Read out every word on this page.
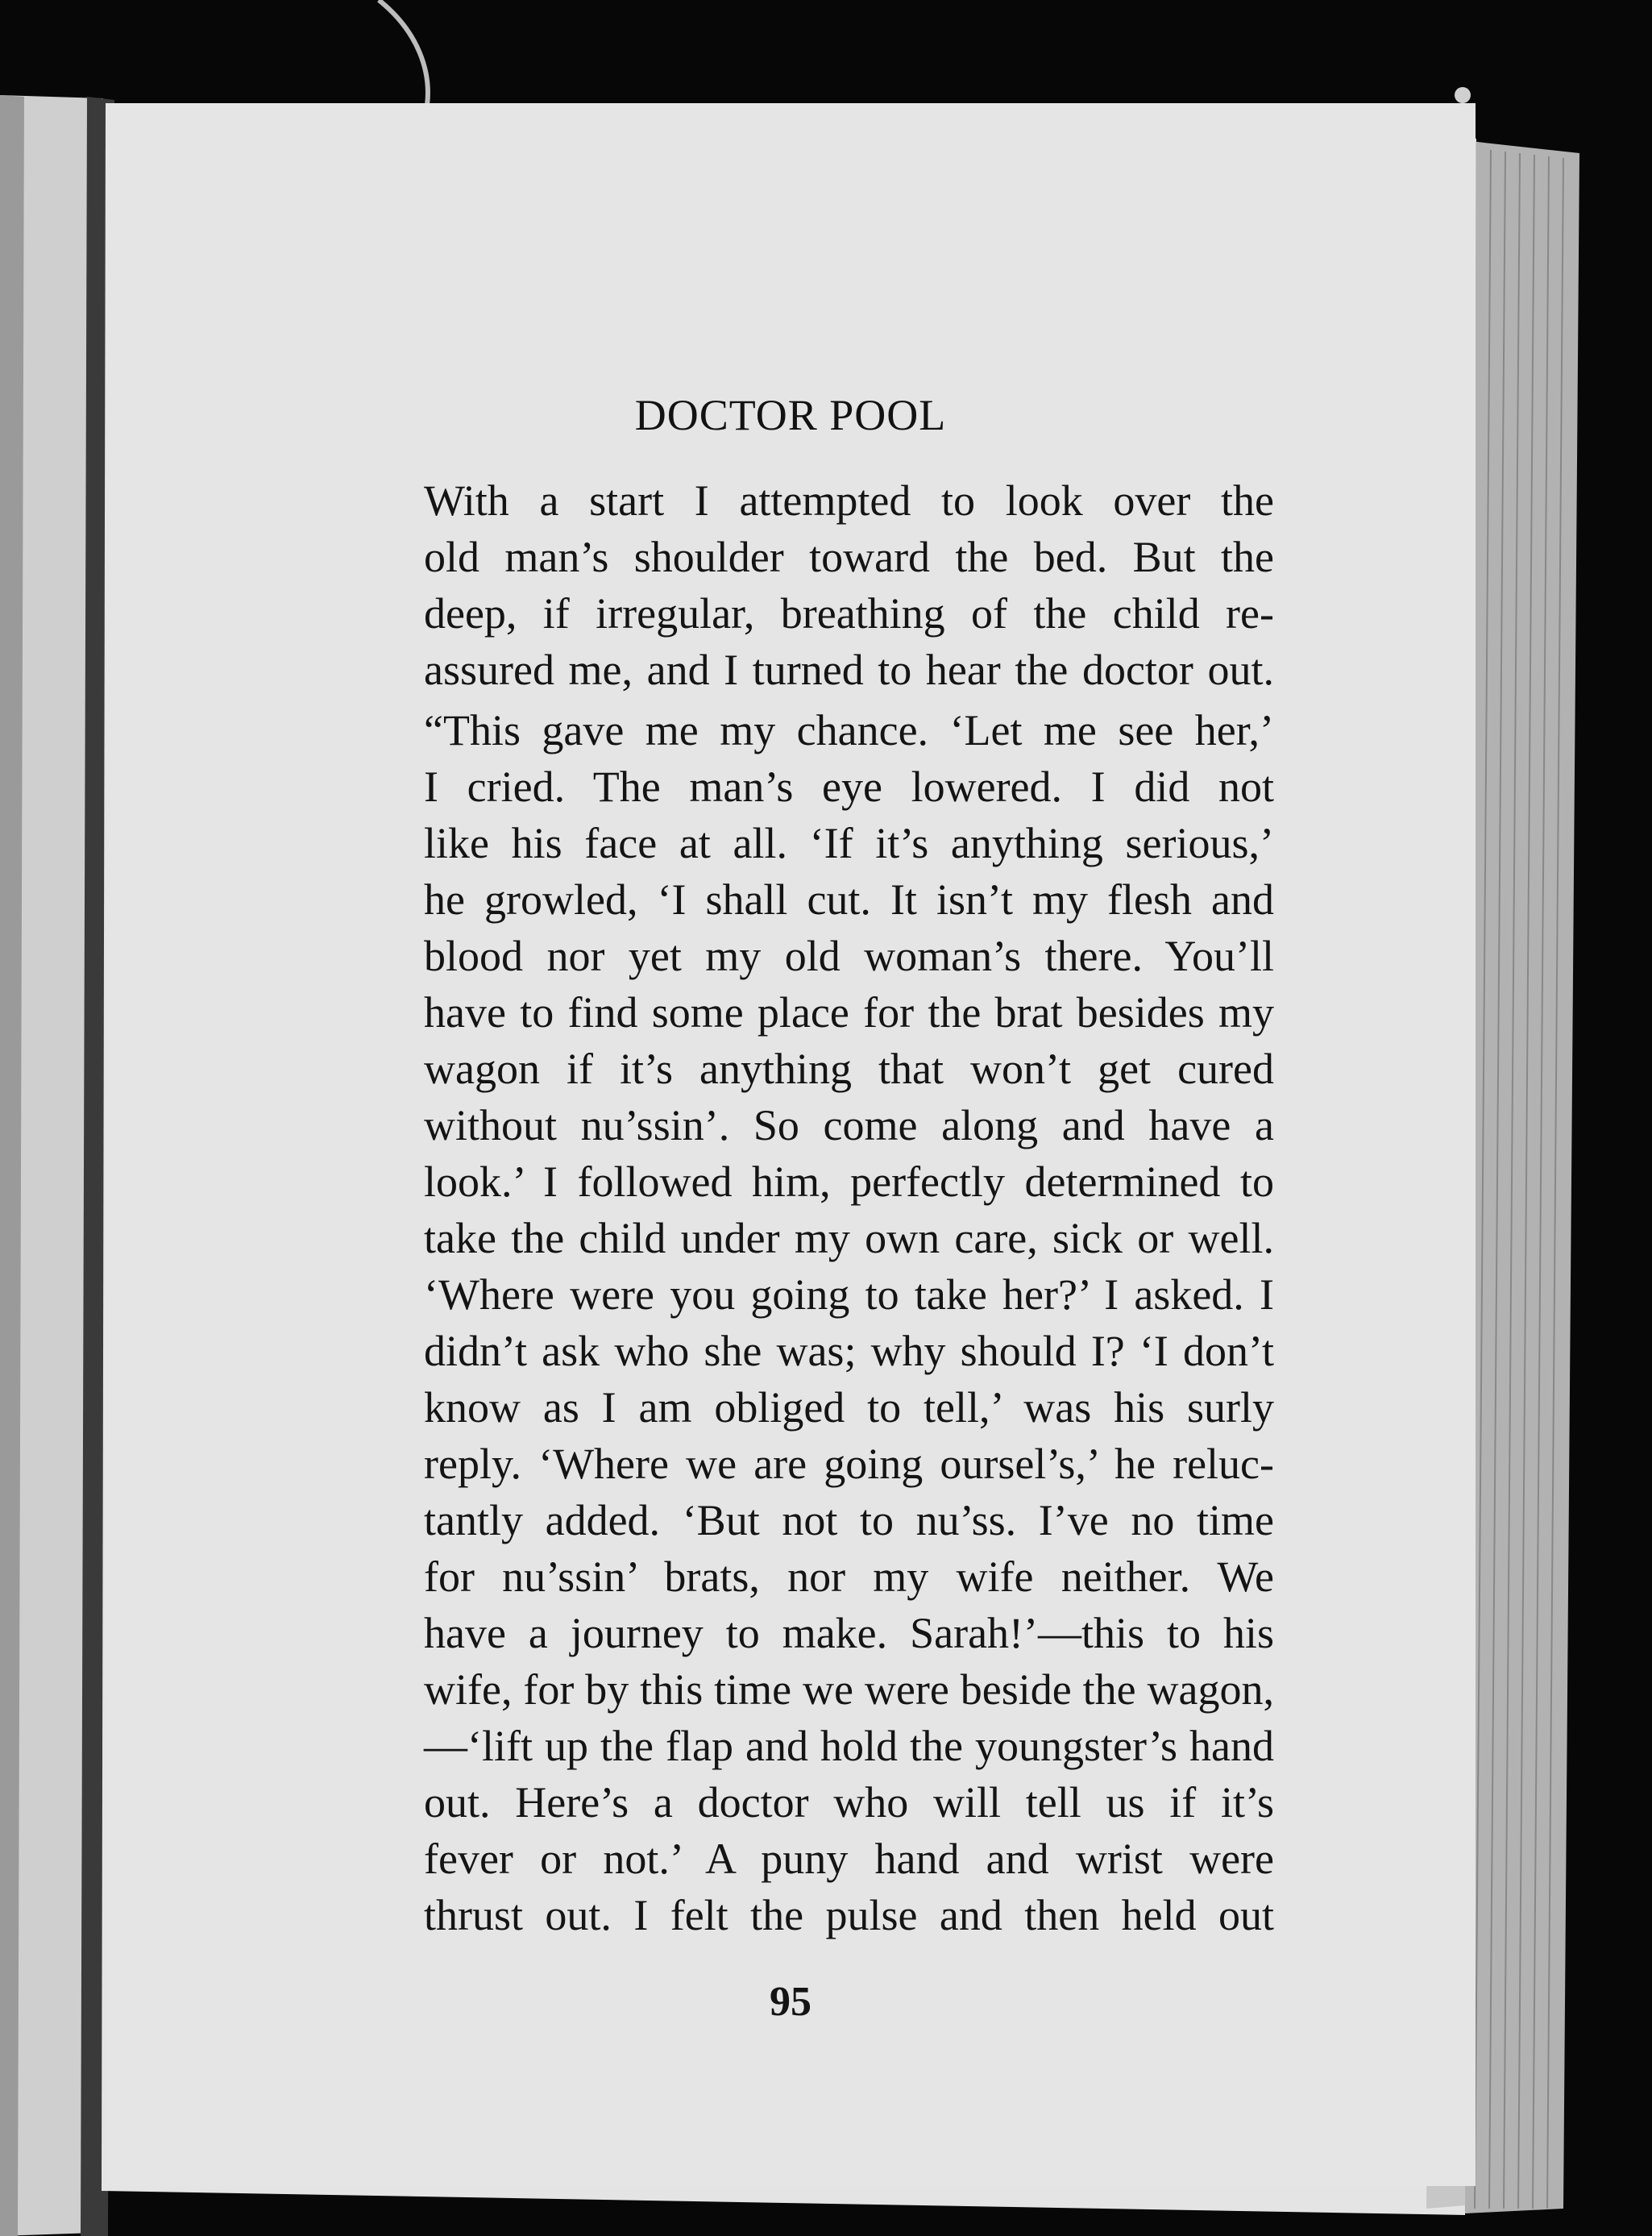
DOCTOR POOL
With a start I attempted to look over the
old man’s shoulder toward the bed. But the
deep, if irregular, breathing of the child re-
assured me, and I turned to hear the doctor out.
“This gave me my chance. ‘Let me see her,’
I cried. The man’s eye lowered. I did not
like his face at all. ‘If it’s anything serious,’
he growled, ‘I shall cut. It isn’t my flesh and
blood nor yet my old woman’s there. You’ll
have to find some place for the brat besides my
wagon if it’s anything that won’t get cured
without nu’ssin’. So come along and have a
look.’ I followed him, perfectly determined to
take the child under my own care, sick or well.
‘Where were you going to take her?’ I asked. I
didn’t ask who she was; why should I? ‘I don’t
know as I am obliged to tell,’ was his surly
reply. ‘Where we are going oursel’s,’ he reluc-
tantly added. ‘But not to nu’ss. I’ve no time
for nu’ssin’ brats, nor my wife neither. We
have a journey to make. Sarah!’—this to his
wife, for by this time we were beside the wagon,
—‘lift up the flap and hold the youngster’s hand
out. Here’s a doctor who will tell us if it’s
fever or not.’ A puny hand and wrist were
thrust out. I felt the pulse and then held out
95
